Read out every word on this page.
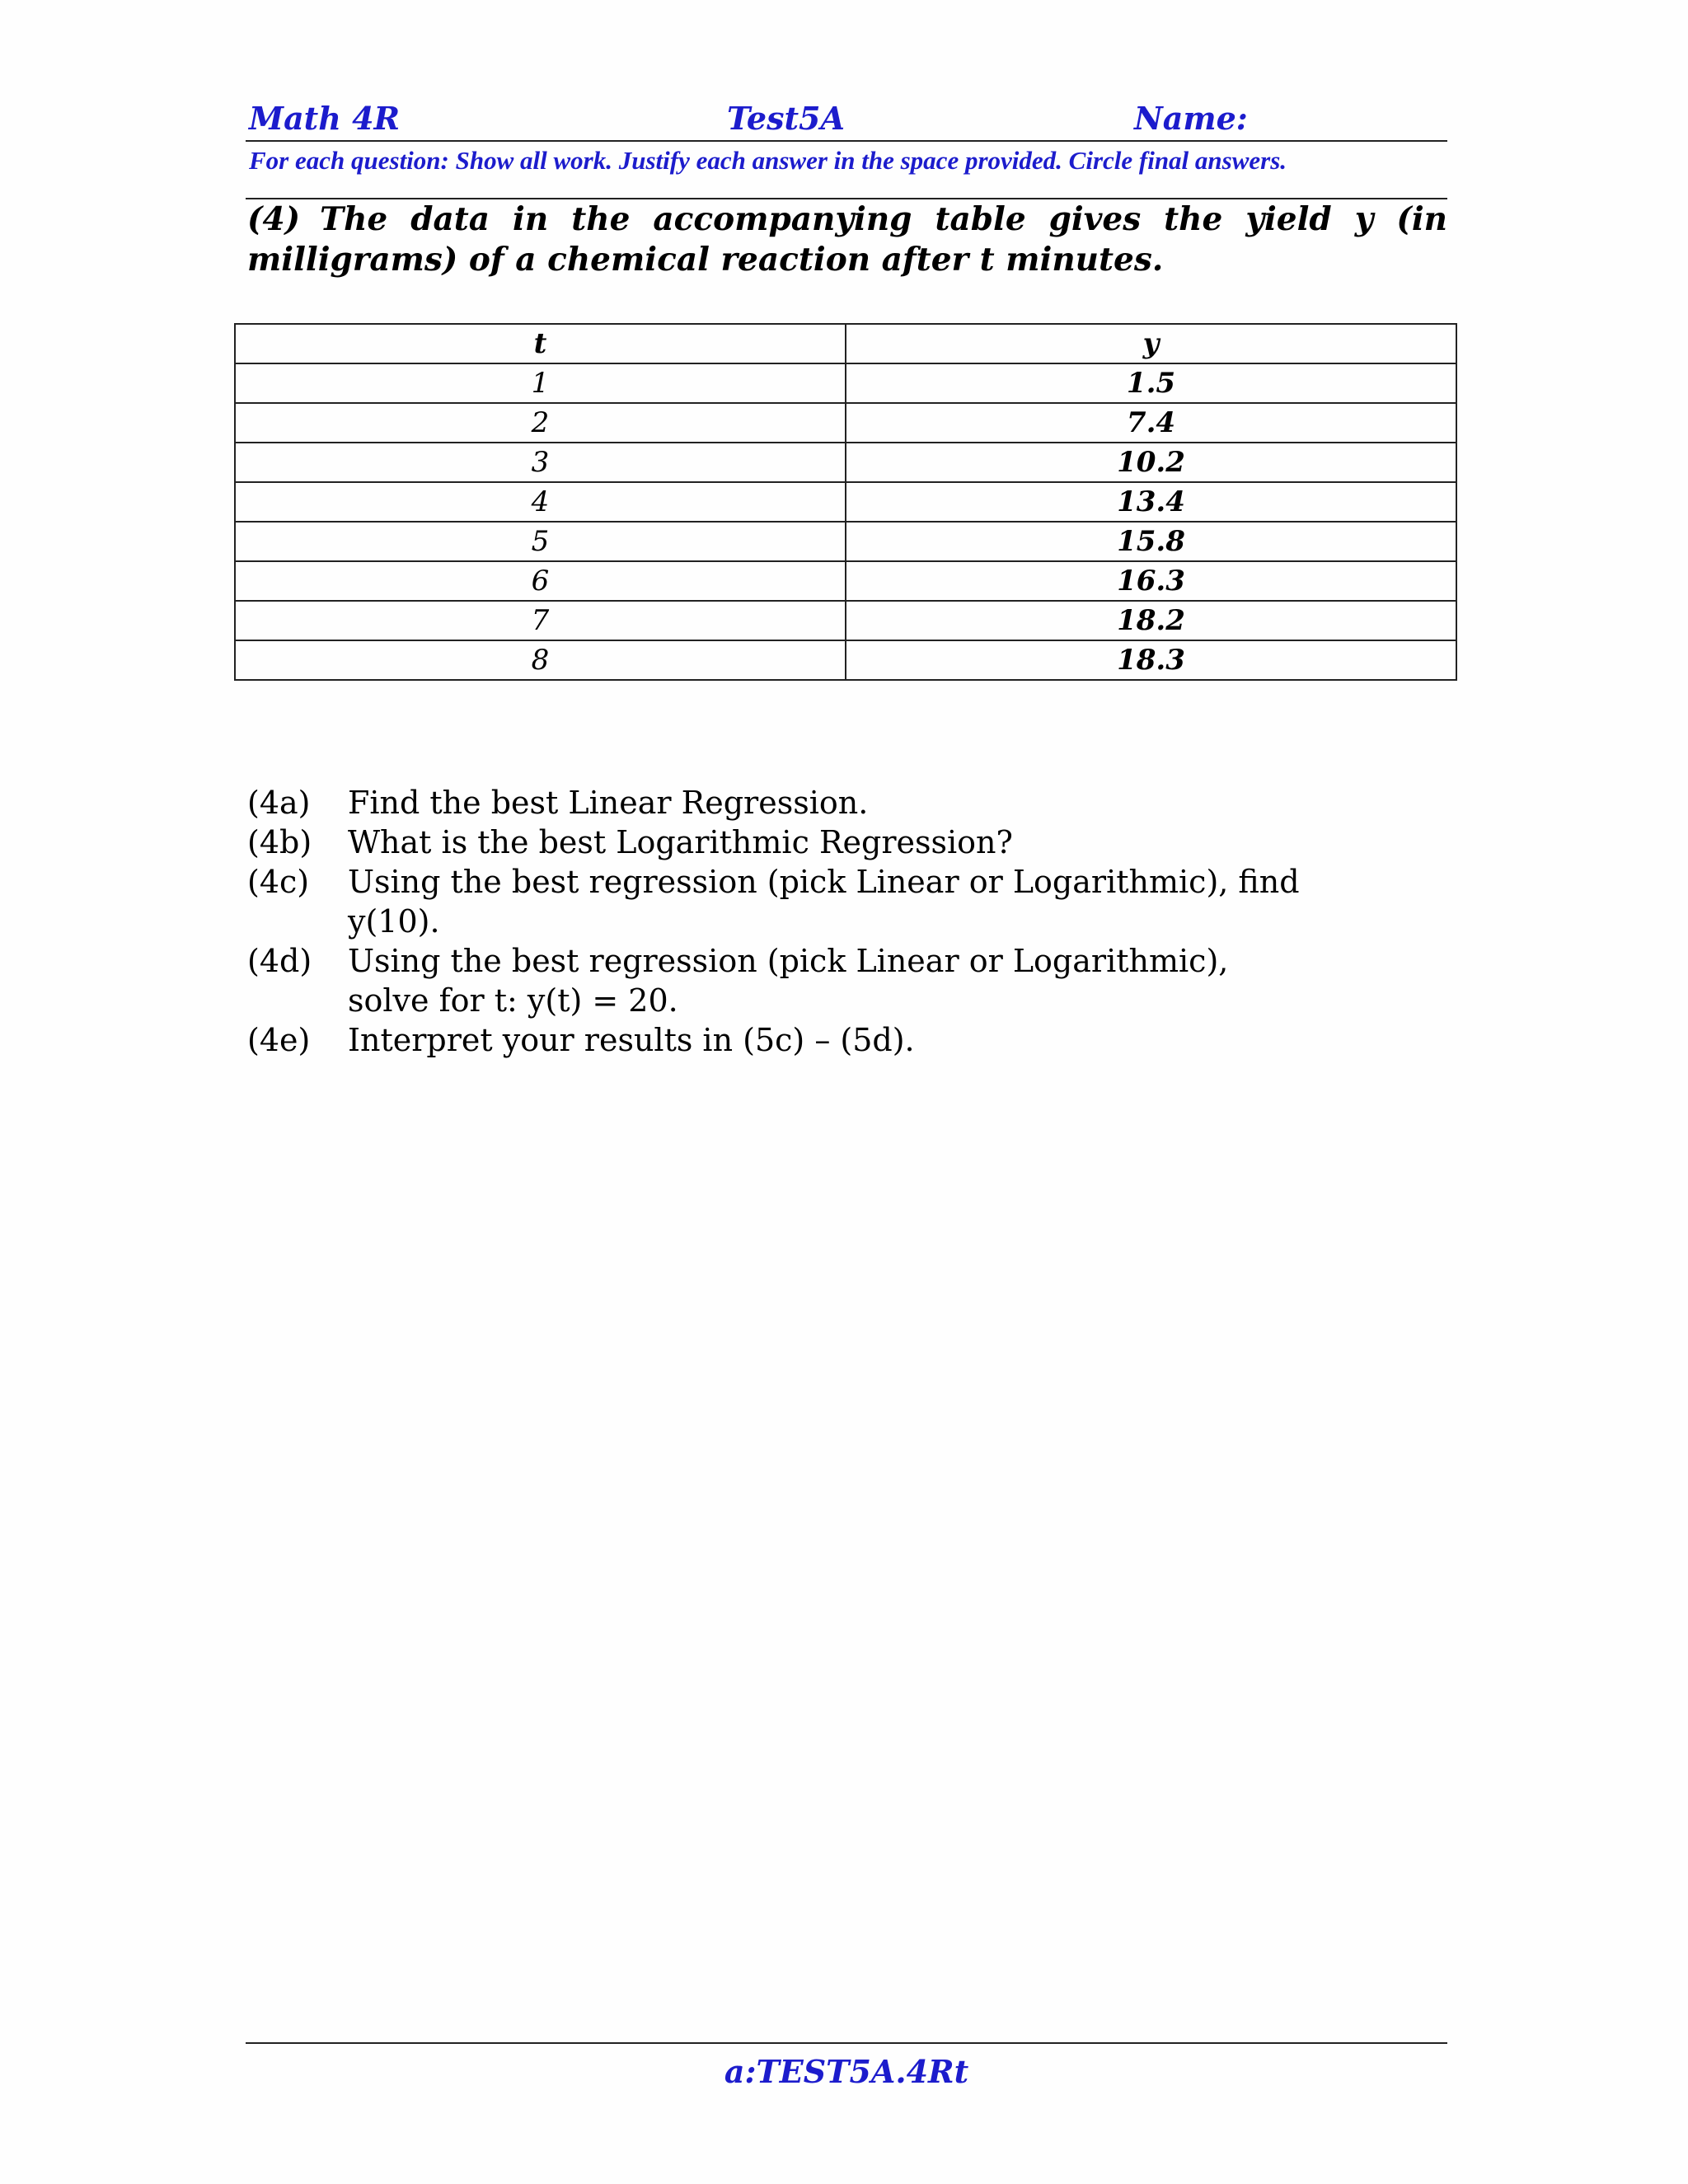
Math 4R	Test5A	Name:
For each question: Show all work. Justify each answer in the space provided. Circle final answers.
(4) The data in the accompanying table gives the yield y (in milligrams) of a chemical reaction after t minutes.
t	y
1	1.5
2	7.4
3	10.2
4	13.4
5	15.8
6	16.3
7	18.2
8	18.3
(4a)	Find the best Linear Regression.
(4b)	What is the best Logarithmic Regression?
(4c)	Using the best regression (pick Linear or Logarithmic), find y(10).
(4d)	Using the best regression (pick Linear or Logarithmic), solve for t: y(t) = 20.
(4e)	Interpret your results in (5c) – (5d).
a:TEST5A.4Rt
